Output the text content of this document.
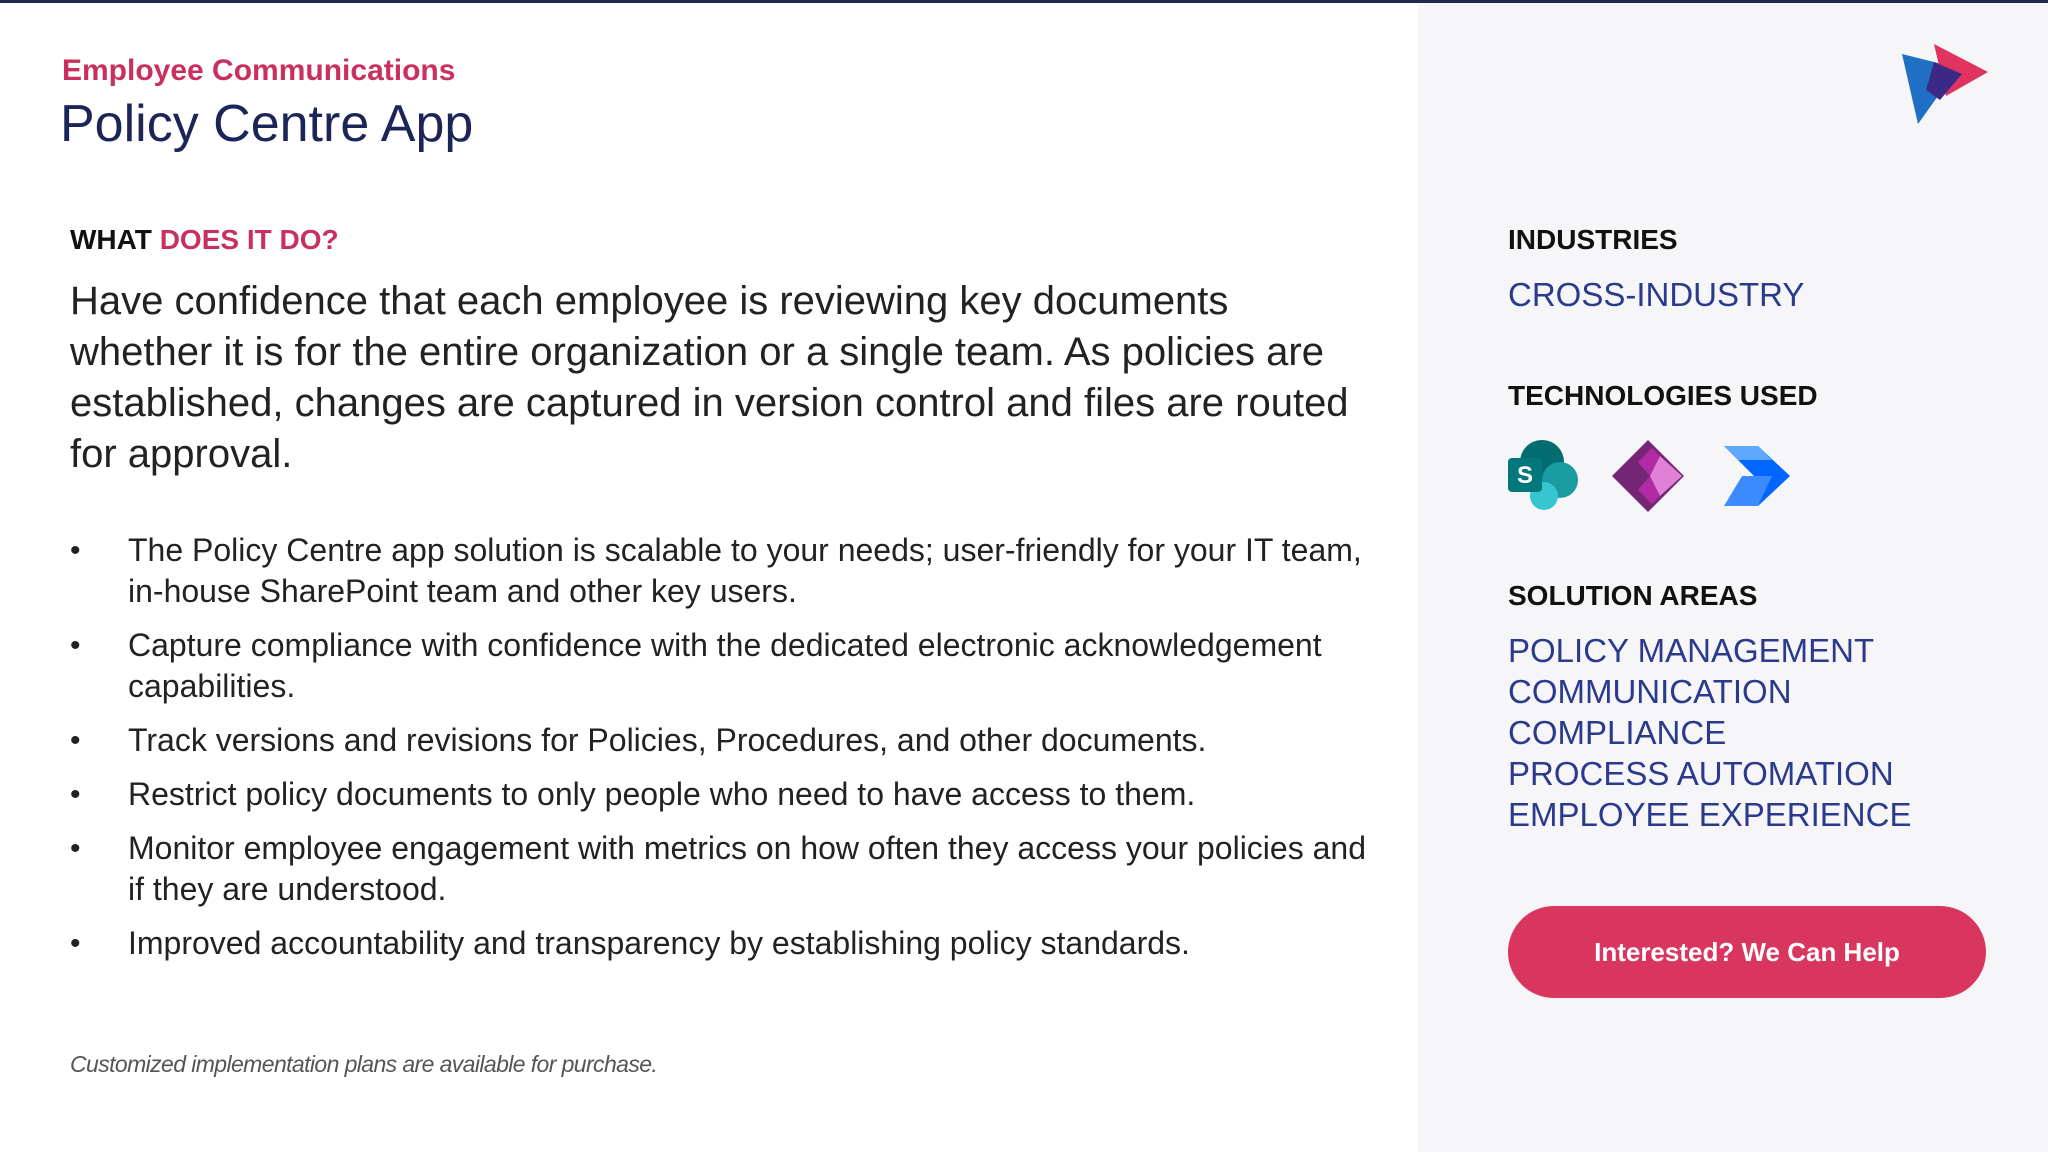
Employee Communications
Policy Centre App
WHAT DOES IT DO?
Have confidence that each employee is reviewing key documents whether it is for the entire organization or a single team. As policies are established, changes are captured in version control and files are routed for approval.
• The Policy Centre app solution is scalable to your needs; user-friendly for your IT team, in-house SharePoint team and other key users.
• Capture compliance with confidence with the dedicated electronic acknowledgement capabilities.
• Track versions and revisions for Policies, Procedures, and other documents.
• Restrict policy documents to only people who need to have access to them.
• Monitor employee engagement with metrics on how often they access your policies and if they are understood.
• Improved accountability and transparency by establishing policy standards.
Customized implementation plans are available for purchase.
INDUSTRIES
CROSS-INDUSTRY
TECHNOLOGIES USED
S
SOLUTION AREAS
POLICY MANAGEMENT
COMMUNICATION
COMPLIANCE
PROCESS AUTOMATION
EMPLOYEE EXPERIENCE
Interested? We Can Help
